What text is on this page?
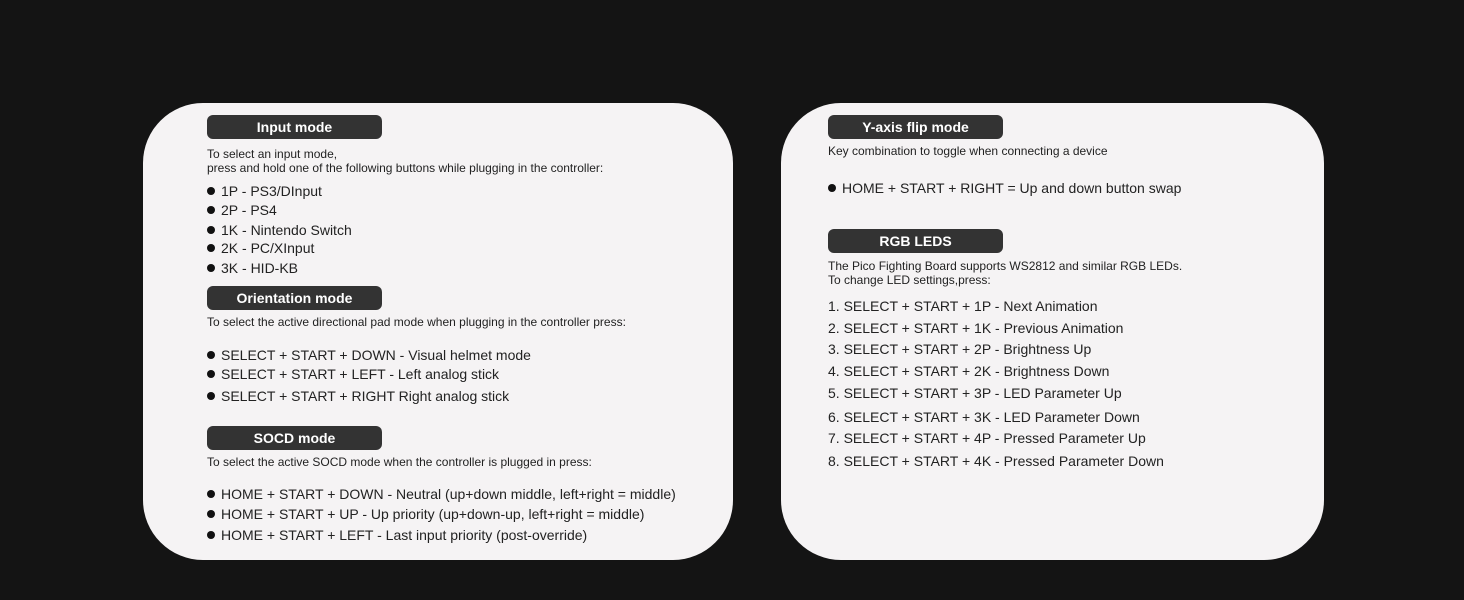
Input mode
To select an input mode,
press and hold one of the following buttons while plugging in the controller:
1P - PS3/DInput
2P - PS4
1K - Nintendo Switch
2K - PC/XInput
3K - HID-KB
Orientation mode
To select the active directional pad mode when plugging in the controller press:
SELECT + START + DOWN - Visual helmet mode
SELECT + START + LEFT - Left analog stick
SELECT + START + RIGHT Right analog stick
SOCD mode
To select the active SOCD mode when the controller is plugged in press:
HOME + START + DOWN - Neutral (up+down middle, left+right = middle)
HOME + START + UP - Up priority (up+down-up, left+right = middle)
HOME + START + LEFT - Last input priority (post-override)
Y-axis flip mode
Key combination to toggle when connecting a device
HOME + START + RIGHT = Up and down button swap
RGB LEDS
The Pico Fighting Board supports WS2812 and similar RGB LEDs.
To change LED settings,press:
1. SELECT + START + 1P - Next Animation
2. SELECT + START + 1K - Previous Animation
3. SELECT + START + 2P - Brightness Up
4. SELECT + START + 2K - Brightness Down
5. SELECT + START + 3P - LED Parameter Up
6. SELECT + START + 3K - LED Parameter Down
7. SELECT + START + 4P - Pressed Parameter Up
8. SELECT + START + 4K - Pressed Parameter Down
